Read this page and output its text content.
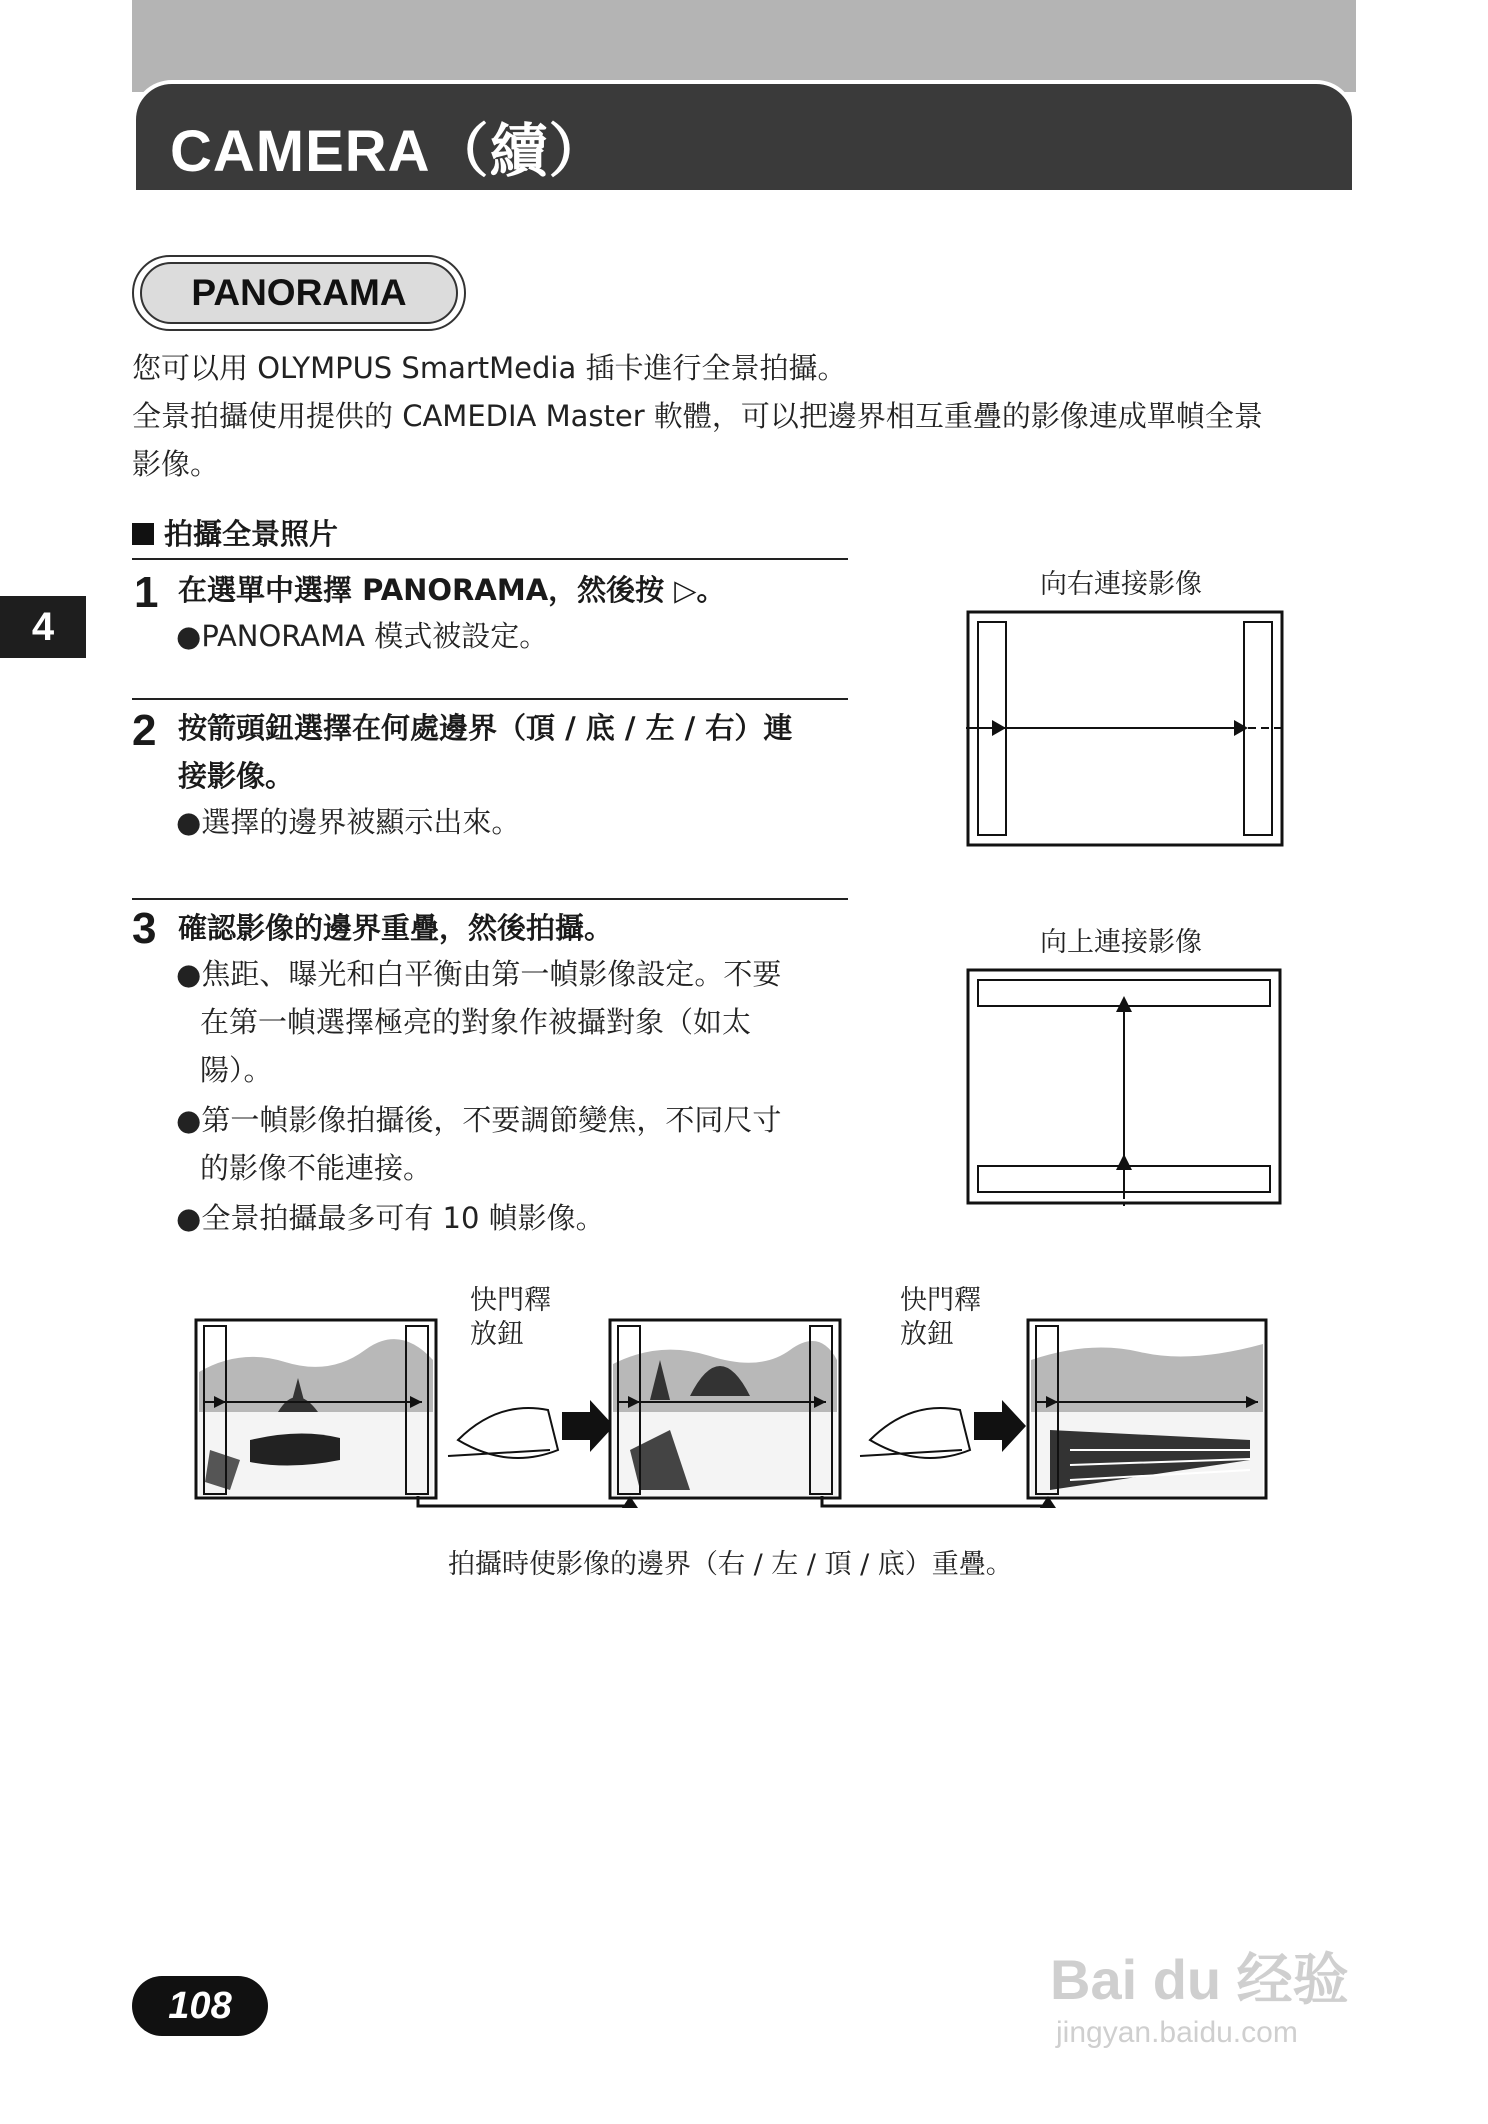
CAMERA（續）
4
PANORAMA
您可以用 OLYMPUS SmartMedia 插卡進行全景拍攝。
全景拍攝使用提供的 CAMEDIA Master 軟體，可以把邊界相互重疊的影像連成單幀全景
影像。
拍攝全景照片
1 在選單中選擇 PANORAMA，然後按 ▷。
●PANORAMA 模式被設定。
2 按箭頭鈕選擇在何處邊界（頂 / 底 / 左 / 右）連
接影像。
●選擇的邊界被顯示出來。
3 確認影像的邊界重疊，然後拍攝。
●焦距、曝光和白平衡由第一幀影像設定。不要
在第一幀選擇極亮的對象作被攝對象（如太
陽）。
●第一幀影像拍攝後，不要調節變焦，不同尺寸
的影像不能連接。
●全景拍攝最多可有 10 幀影像。
向右連接影像
向上連接影像
快門釋
放鈕
快門釋
放鈕
拍攝時使影像的邊界（右 / 左 / 頂 / 底）重疊。
108	Bai du 经验
jingyan.baidu.com
